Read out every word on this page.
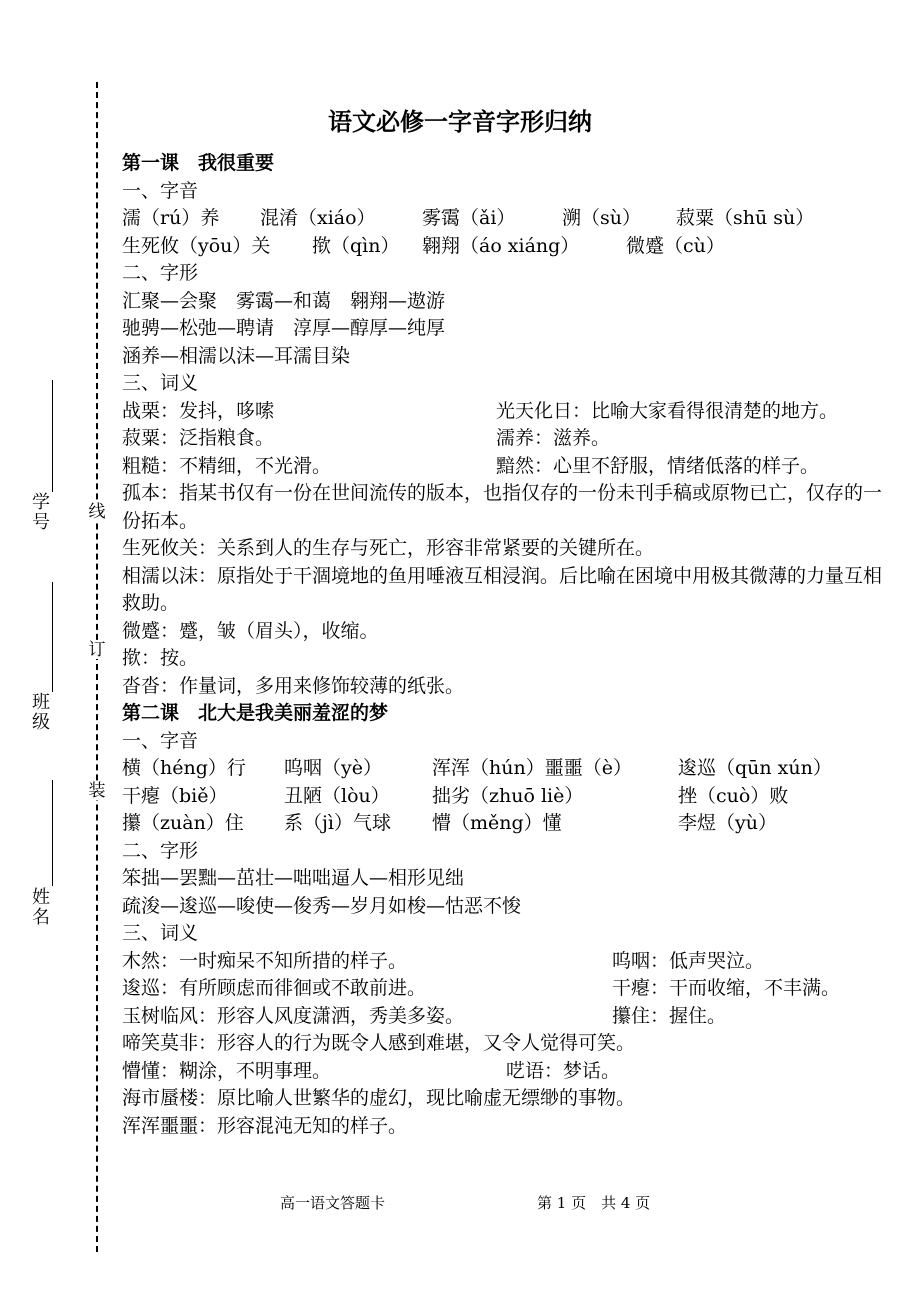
线
订
装
学号
班级
姓名
语文必修一字音字形归纳
第一课　我很重要
一、字音
濡（rú）养 混淆（xiáo） 雾霭（ǎi） 溯（sù） 菽粟（shū sù）
生死攸（yōu）关 揿（qìn） 翱翔（áo xiáng） 微蹙（cù）
二、字形
汇聚—会聚　雾霭—和蔼　翱翔—遨游
驰骋—松弛—聘请　淳厚—醇厚—纯厚
涵养—相濡以沫—耳濡目染
三、词义
战栗：发抖，哆嗦	光天化日：比喻大家看得很清楚的地方。
菽粟：泛指粮食。	濡养：滋养。
粗糙：不精细，不光滑。	黯然：心里不舒服，情绪低落的样子。
孤本：指某书仅有一份在世间流传的版本，也指仅存的一份未刊手稿或原物已亡，仅存的一份拓本。
生死攸关：关系到人的生存与死亡，形容非常紧要的关键所在。
相濡以沫：原指处于干涸境地的鱼用唾液互相浸润。后比喻在困境中用极其微薄的力量互相救助。
微蹙：蹙，皱（眉头），收缩。
揿：按。
沓沓：作量词，多用来修饰较薄的纸张。
第二课　北大是我美丽羞涩的梦
一、字音
横（héng）行 呜咽（yè）	浑浑（hún）噩噩（è） 逡巡（qūn xún）
干瘪（biě）	丑陋（lòu） 拙劣（zhuō liè）	挫（cuò）败
攥（zuàn）住 系（jì）气球 懵（měng）懂	李煜（yù）
二、字形
笨拙—罢黜—茁壮—咄咄逼人—相形见绌
疏浚—逡巡—唆使—俊秀—岁月如梭—怙恶不悛
三、词义
木然：一时痴呆不知所措的样子。	呜咽：低声哭泣。
逡巡：有所顾虑而徘徊或不敢前进。	干瘪：干而收缩，不丰满。
玉树临风：形容人风度潇洒，秀美多姿。	攥住：握住。
啼笑莫非：形容人的行为既令人感到难堪，又令人觉得可笑。
懵懂：糊涂，不明事理。	呓语：梦话。
海市蜃楼：原比喻人世繁华的虚幻，现比喻虚无缥缈的事物。
浑浑噩噩：形容混沌无知的样子。
高一语文答题卡	第 1 页　共 4 页
